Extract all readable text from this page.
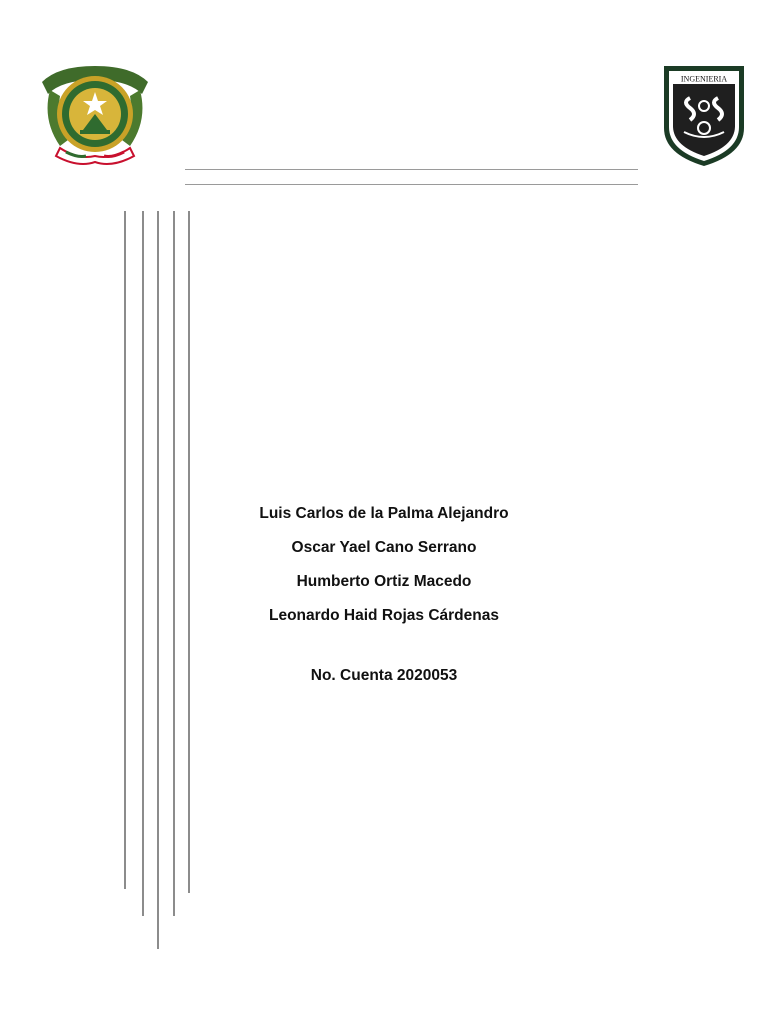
INGENIERIA
Luis Carlos de la Palma Alejandro
Oscar Yael Cano Serrano
Humberto Ortiz Macedo
Leonardo Haid Rojas Cárdenas
No. Cuenta 2020053
